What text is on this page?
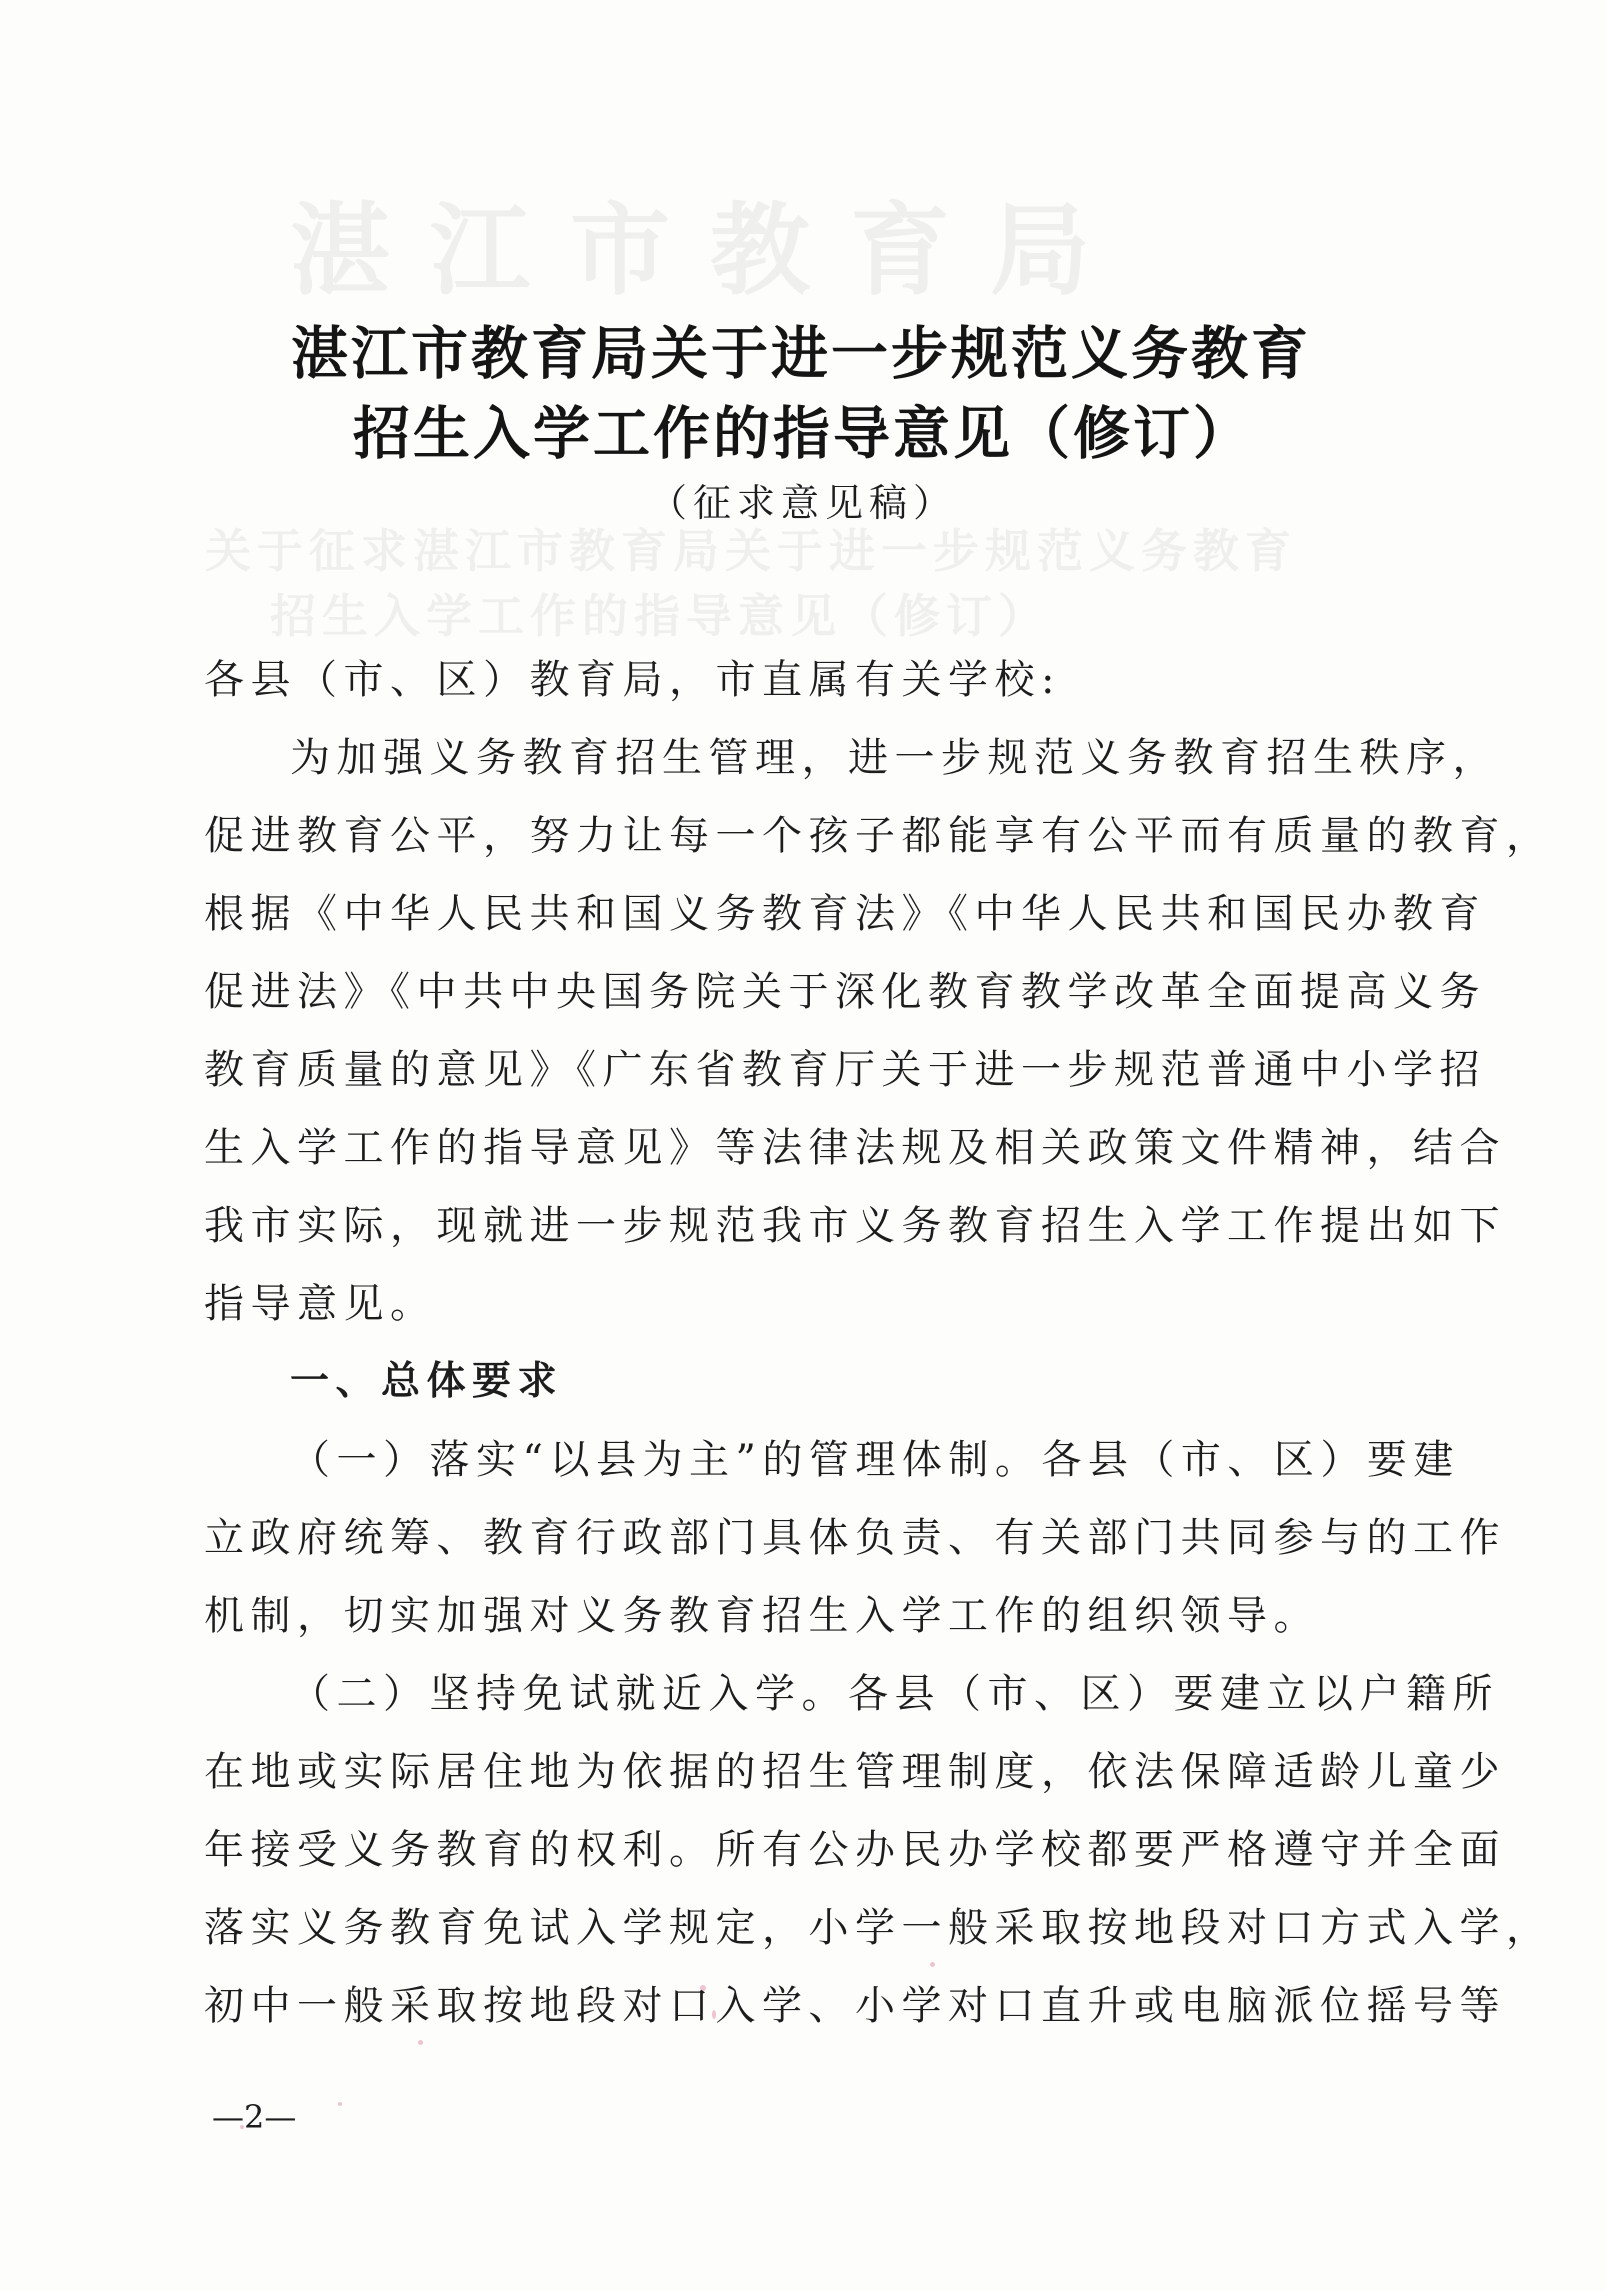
湛江市教育局
关于征求湛江市教育局关于进一步规范义务教育
招生入学工作的指导意见（修订）
湛江市教育局关于进一步规范义务教育
招生入学工作的指导意见（修订）
（征求意见稿）
各县（市、区）教育局，市直属有关学校:
为加强义务教育招生管理，进一步规范义务教育招生秩序，
促进教育公平，努力让每一个孩子都能享有公平而有质量的教育，
根据《中华人民共和国义务教育法》《中华人民共和国民办教育
促进法》《中共中央国务院关于深化教育教学改革全面提高义务
教育质量的意见》《广东省教育厅关于进一步规范普通中小学招
生入学工作的指导意见》等法律法规及相关政策文件精神，结合
我市实际，现就进一步规范我市义务教育招生入学工作提出如下
指导意见。
一、总体要求
（一）落实“以县为主”的管理体制。各县（市、区）要建
立政府统筹、教育行政部门具体负责、有关部门共同参与的工作
机制，切实加强对义务教育招生入学工作的组织领导。
（二）坚持免试就近入学。各县（市、区）要建立以户籍所
在地或实际居住地为依据的招生管理制度，依法保障适龄儿童少
年接受义务教育的权利。所有公办民办学校都要严格遵守并全面
落实义务教育免试入学规定，小学一般采取按地段对口方式入学，
初中一般采取按地段对口入学、小学对口直升或电脑派位摇号等
—2—
